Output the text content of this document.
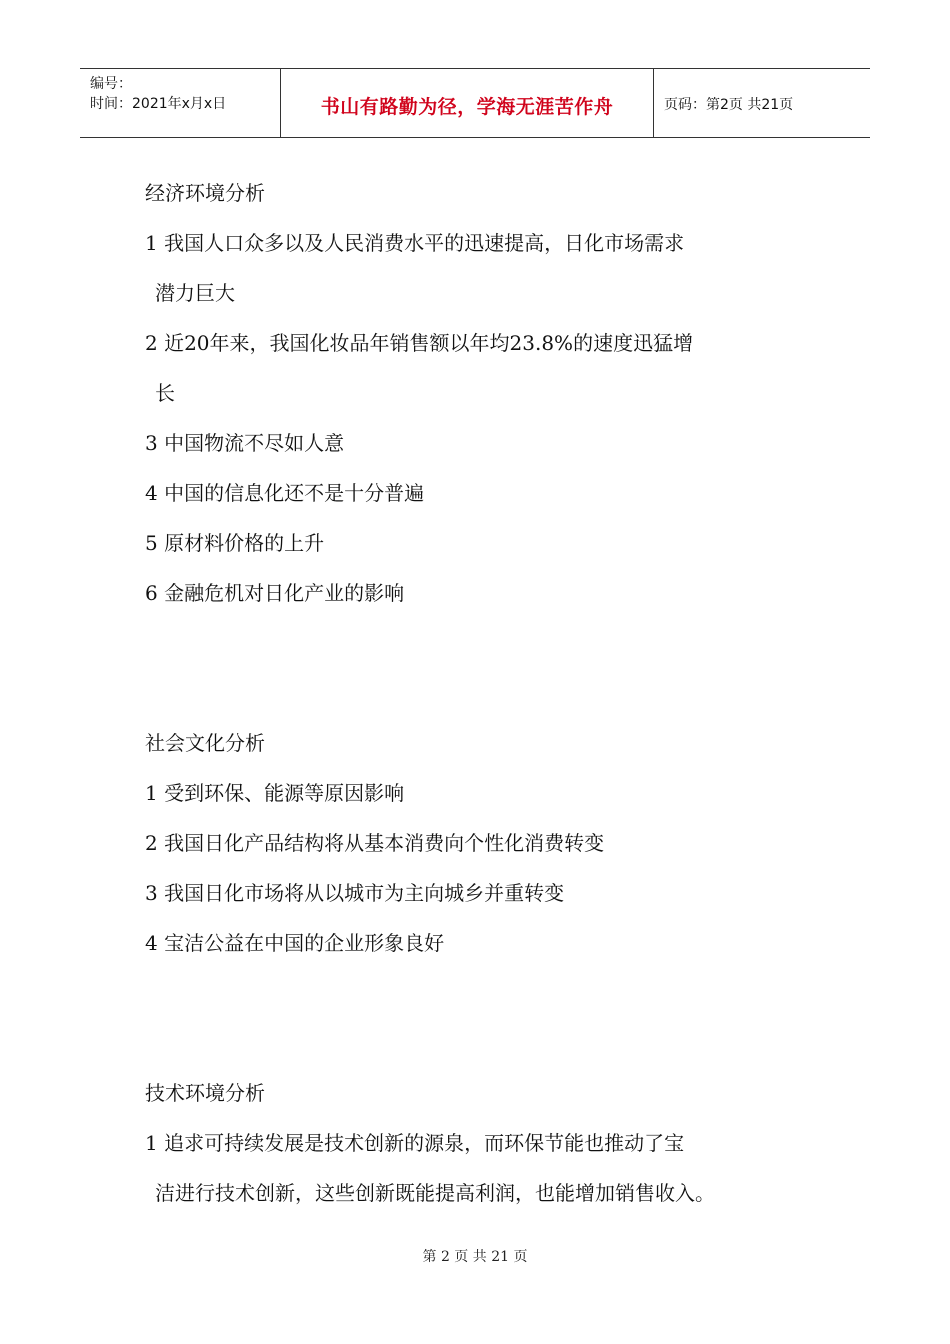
编号：
时间：2021年x月x日	书山有路勤为径，学海无涯苦作舟	页码：第2页 共21页
经济环境分析
1 我国人口众多以及人民消费水平的迅速提高，日化市场需求
潜力巨大
2 近20年来，我国化妆品年销售额以年均23.8%的速度迅猛增
长
3 中国物流不尽如人意
4 中国的信息化还不是十分普遍
5 原材料价格的上升
6 金融危机对日化产业的影响
社会文化分析
1 受到环保、能源等原因影响
2 我国日化产品结构将从基本消费向个性化消费转变
3 我国日化市场将从以城市为主向城乡并重转变
4 宝洁公益在中国的企业形象良好
技术环境分析
1 追求可持续发展是技术创新的源泉，而环保节能也推动了宝
洁进行技术创新，这些创新既能提高利润，也能增加销售收入。
第 2 页 共 21 页
